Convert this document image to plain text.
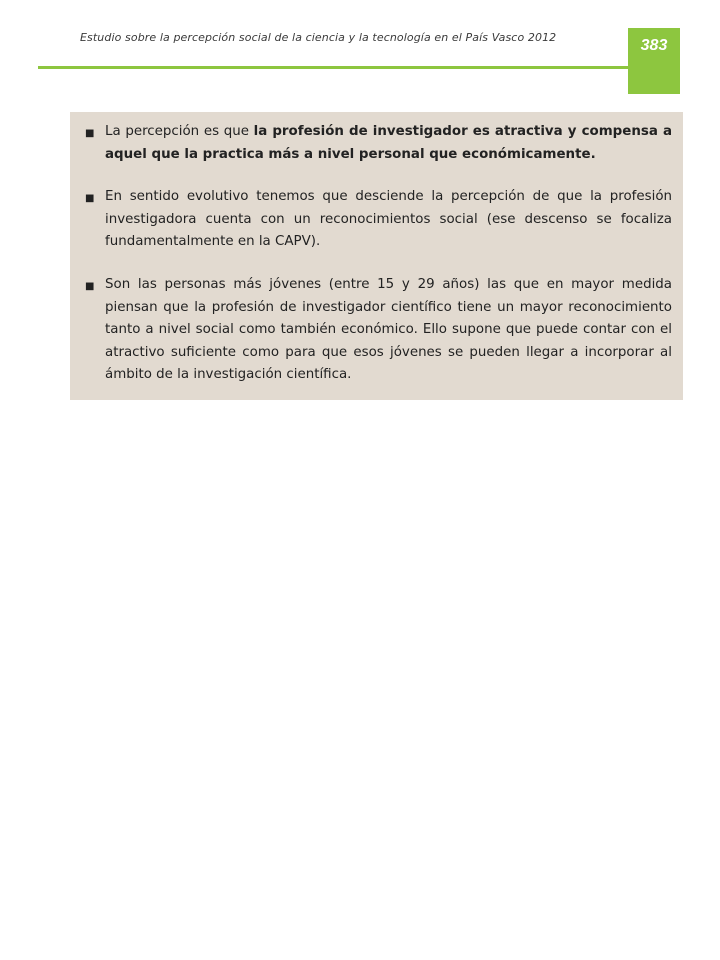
Estudio sobre la percepción social de la ciencia y la tecnología en el País Vasco 2012	383
■ La percepción es que la profesión de investigador es atractiva y compensa a aquel que la practica más a nivel personal que económicamente.

■ En sentido evolutivo tenemos que desciende la percepción de que la profesión investigadora cuenta con un reconocimientos social (ese descenso se focaliza fundamentalmente en la CAPV).

■ Son las personas más jóvenes (entre 15 y 29 años) las que en mayor medida piensan que la profesión de investigador científico tiene un mayor reconocimiento tanto a nivel social como también económico. Ello supone que puede contar con el atractivo suficiente como para que esos jóvenes se pueden llegar a incorporar al ámbito de la investigación científica.
